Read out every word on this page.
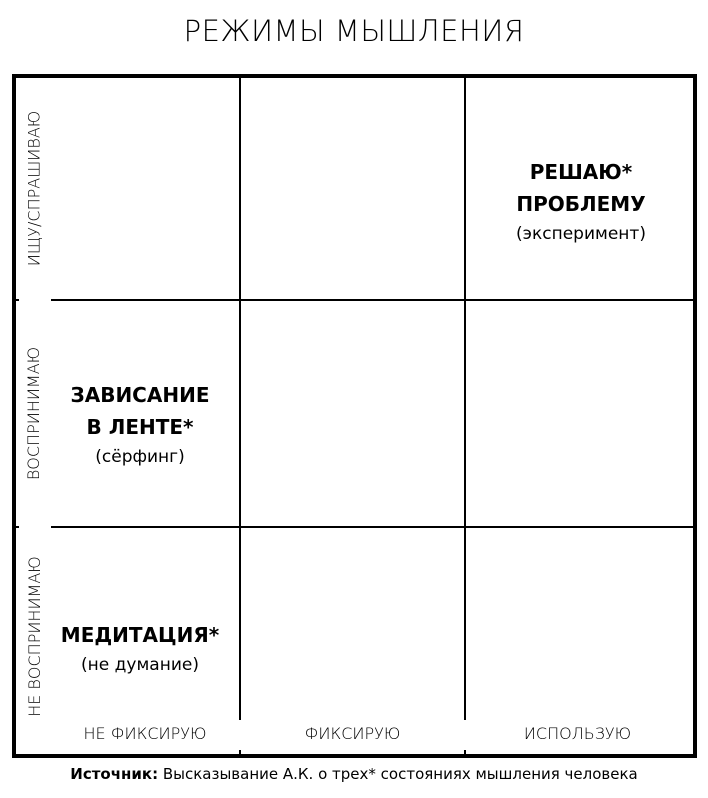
РЕЖИМЫ МЫШЛЕНИЯ
ИЩУ/СПРАШИВАЮ
ВОСПРИНИМАЮ
НЕ ВОСПРИНИМАЮ
НЕ ФИКСИРУЮ	ФИКСИРУЮ	ИСПОЛЬЗУЮ
РЕШАЮ*
ПРОБЛЕМУ
(эксперимент)
ЗАВИСАНИЕ
В ЛЕНТЕ*
(сёрфинг)
МЕДИТАЦИЯ*
(не думание)
Источник: Высказывание А.К. о трех* состояниях мышления человека
